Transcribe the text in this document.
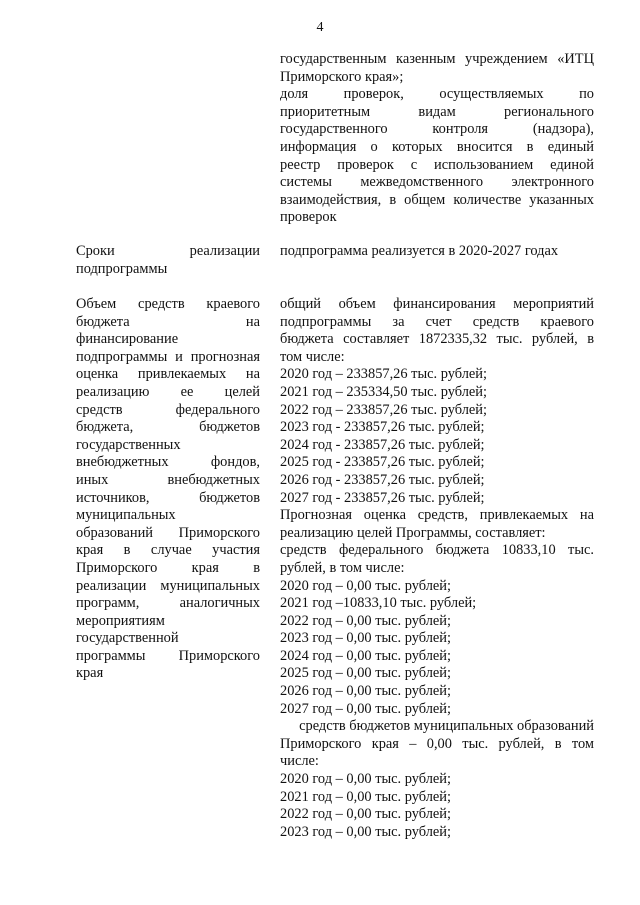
4
государственным казенным учреждением «ИТЦ
Приморского края»;
доля проверок, осуществляемых по
приоритетным видам регионального
государственного контроля (надзора),
информация о которых вносится в единый
реестр проверок с использованием единой
системы межведомственного электронного
взаимодействия, в общем количестве указанных
проверок
Сроки реализации
подпрограммы
подпрограмма реализуется в 2020-2027 годах
Объем средств краевого
бюджета на
финансирование
подпрограммы и прогнозная
оценка привлекаемых на
реализацию ее целей
средств федерального
бюджета, бюджетов
государственных
внебюджетных фондов,
иных внебюджетных
источников, бюджетов
муниципальных
образований Приморского
края в случае участия
Приморского края в
реализации муниципальных
программ, аналогичных
мероприятиям
государственной
программы Приморского
края
общий объем финансирования мероприятий
подпрограммы за счет средств краевого
бюджета составляет 1872335,32 тыс. рублей, в
том числе:
2020 год – 233857,26 тыс. рублей;
2021 год – 235334,50 тыс. рублей;
2022 год – 233857,26 тыс. рублей;
2023 год - 233857,26 тыс. рублей;
2024 год - 233857,26 тыс. рублей;
2025 год - 233857,26 тыс. рублей;
2026 год - 233857,26 тыс. рублей;
2027 год - 233857,26 тыс. рублей;
Прогнозная оценка средств, привлекаемых на
реализацию целей Программы, составляет:
средств федерального бюджета 10833,10 тыс.
рублей, в том числе:
2020 год – 0,00 тыс. рублей;
2021 год –10833,10 тыс. рублей;
2022 год – 0,00 тыс. рублей;
2023 год – 0,00 тыс. рублей;
2024 год – 0,00 тыс. рублей;
2025 год – 0,00 тыс. рублей;
2026 год – 0,00 тыс. рублей;
2027 год – 0,00 тыс. рублей;
средств бюджетов муниципальных образований
Приморского края – 0,00 тыс. рублей, в том
числе:
2020 год – 0,00 тыс. рублей;
2021 год – 0,00 тыс. рублей;
2022 год – 0,00 тыс. рублей;
2023 год – 0,00 тыс. рублей;
